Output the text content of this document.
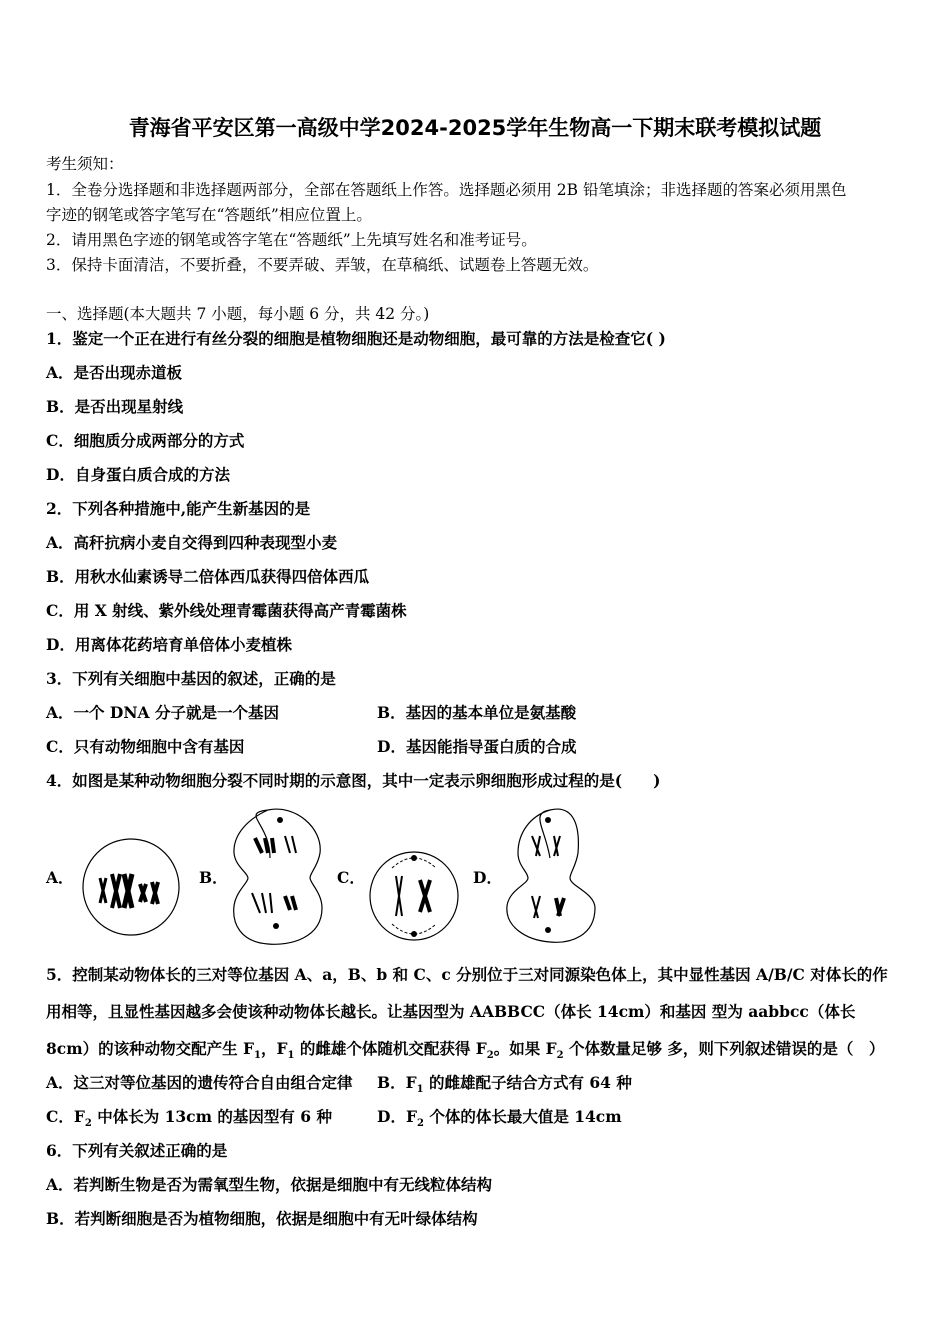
青海省平安区第一高级中学2024-2025学年生物高一下期末联考模拟试题
考生须知：
1．全卷分选择题和非选择题两部分，全部在答题纸上作答。选择题必须用 2B 铅笔填涂；非选择题的答案必须用黑色
字迹的钢笔或答字笔写在“答题纸”相应位置上。
2．请用黑色字迹的钢笔或答字笔在“答题纸”上先填写姓名和准考证号。
3．保持卡面清洁，不要折叠，不要弄破、弄皱，在草稿纸、试题卷上答题无效。
一、选择题(本大题共 7 小题，每小题 6 分，共 42 分。)
1．鉴定一个正在进行有丝分裂的细胞是植物细胞还是动物细胞，最可靠的方法是检查它( )
A．是否出现赤道板
B．是否出现星射线
C．细胞质分成两部分的方式
D．自身蛋白质合成的方法
2．下列各种措施中,能产生新基因的是
A．高秆抗病小麦自交得到四种表现型小麦
B．用秋水仙素诱导二倍体西瓜获得四倍体西瓜
C．用 X 射线、紫外线处理青霉菌获得高产青霉菌株
D．用离体花药培育单倍体小麦植株
3．下列有关细胞中基因的叙述，正确的是
A．一个 DNA 分子就是一个基因	B．基因的基本单位是氨基酸
C．只有动物细胞中含有基因	D．基因能指导蛋白质的合成
4．如图是某种动物细胞分裂不同时期的示意图，其中一定表示卵细胞形成过程的是(　　)
A．	B．	C．	D．
5．控制某动物体长的三对等位基因 A、a，B、b 和 C、c 分别位于三对同源染色体上，其中显性基因 A/B/C 对体长的作
用相等，且显性基因越多会使该种动物体长越长。让基因型为 AABBCC（体长 14cm）和基因 型为 aabbcc（体长
8cm）的该种动物交配产生 $F_1$，$F_1$ 的雌雄个体随机交配获得 $F_2$。如果 $F_2$ 个体数量足够 多，则下列叙述错误的是（　）
A．这三对等位基因的遗传符合自由组合定律 B．$F_1$ 的雌雄配子结合方式有 64 种
C．$F_2$ 中体长为 13cm 的基因型有 6 种	D．$F_2$ 个体的体长最大值是 14cm
6．下列有关叙述正确的是
A．若判断生物是否为需氧型生物，依据是细胞中有无线粒体结构
B．若判断细胞是否为植物细胞，依据是细胞中有无叶绿体结构
